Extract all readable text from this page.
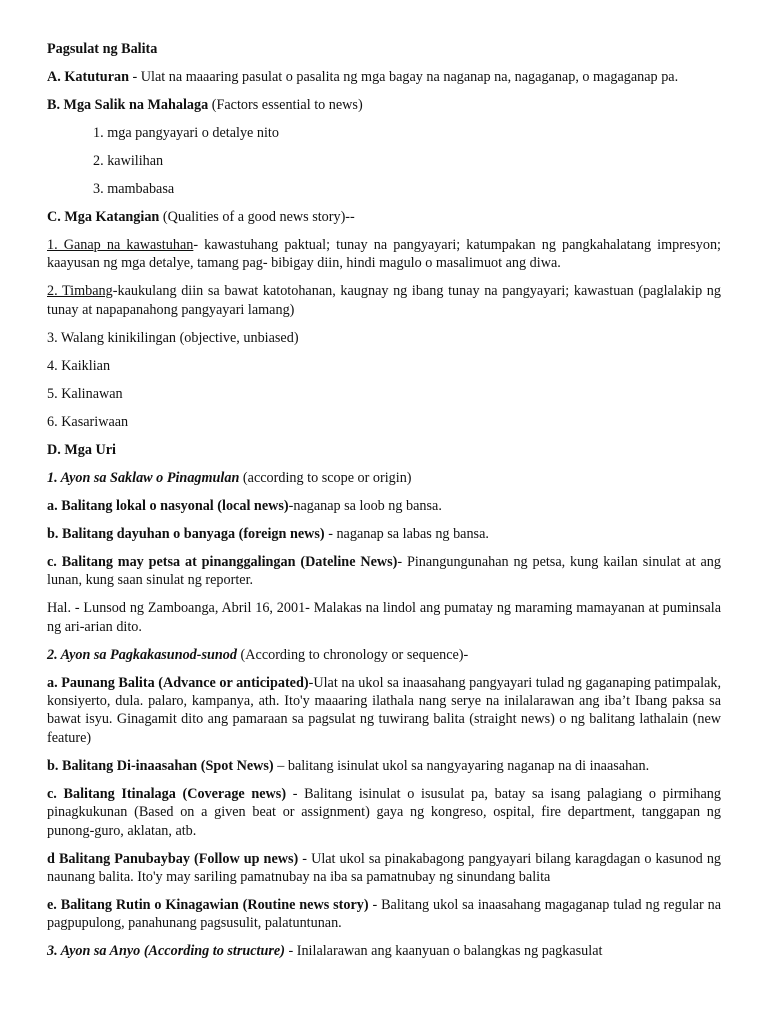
Pagsulat ng Balita

A. Katuturan - Ulat na maaaring pasulat o pasalita ng mga bagay na naganap na, nagaganap, o magaganap pa.

B. Mga Salik na Mahalaga (Factors essential to news)

1. mga pangyayari o detalye nito

2. kawilihan

3. mambabasa

C. Mga Katangian (Qualities of a good news story)--

1. Ganap na kawastuhan- kawastuhang paktual; tunay na pangyayari; katumpakan ng pangkahalatang impresyon; kaayusan ng mga detalye, tamang pag- bibigay diin, hindi magulo o masalimuot ang diwa.

2. Timbang-kaukulang diin sa bawat katotohanan, kaugnay ng ibang tunay na pangyayari; kawastuan (paglalakip ng tunay at napapanahong pangyayari lamang)

3. Walang kinikilingan (objective, unbiased)

4. Kaiklian

5. Kalinawan

6. Kasariwaan

D. Mga Uri

1. Ayon sa Saklaw o Pinagmulan (according to scope or origin)

a. Balitang lokal o nasyonal (local news)-naganap sa loob ng bansa.

b. Balitang dayuhan o banyaga (foreign news) - naganap sa labas ng bansa.

c. Balitang may petsa at pinanggalingan (Dateline News)- Pinangungunahan ng petsa, kung kailan sinulat at ang lunan, kung saan sinulat ng reporter.

Hal. - Lunsod ng Zamboanga, Abril 16, 2001- Malakas na lindol ang pumatay ng maraming mamayanan at puminsala ng ari-arian dito.

2. Ayon sa Pagkakasunod-sunod (According to chronology or sequence)-

a. Paunang Balita (Advance or anticipated)-Ulat na ukol sa inaasahang pangyayari tulad ng gaganaping patimpalak, konsiyerto, dula. palaro, kampanya, ath. Ito'y maaaring ilathala nang serye na inilalarawan ang iba’t Ibang paksa sa bawat isyu. Ginagamit dito ang pamaraan sa pagsulat ng tuwirang balita (straight news) o ng balitang lathalain (new feature)

b. Balitang Di-inaasahan (Spot News) – balitang isinulat ukol sa nangyayaring naganap na di inaasahan.

c. Balitang Itinalaga (Coverage news) - Balitang isinulat o isusulat pa, batay sa isang palagiang o pirmihang pinagkukunan (Based on a given beat or assignment) gaya ng kongreso, ospital, fire department, tanggapan ng punong-guro, aklatan, atb.

d Balitang Panubaybay (Follow up news) - Ulat ukol sa pinakabagong pangyayari bilang karagdagan o kasunod ng naunang balita. Ito'y may sariling pamatnubay na iba sa pamatnubay ng sinundang balita

e. Balitang Rutin o Kinagawian (Routine news story) - Balitang ukol sa inaasahang magaganap tulad ng regular na pagpupulong, panahunang pagsusulit, palatuntunan.

3. Ayon sa Anyo (According to structure) - Inilalarawan ang kaanyuan o balangkas ng pagkasulat
